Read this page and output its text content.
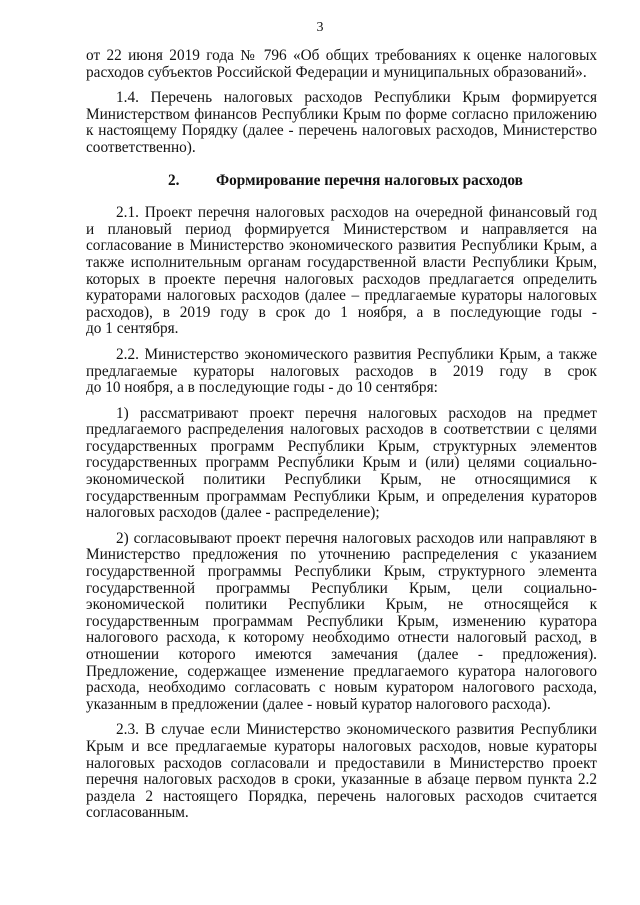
3
от 22 июня 2019 года № 796 «Об общих требованиях к оценке налоговых
расходов субъектов Российской Федерации и муниципальных образований».
1.4. Перечень налоговых расходов Республики Крым формируется
Министерством финансов Республики Крым по форме согласно приложению
к настоящему Порядку (далее - перечень налоговых расходов, Министерство
соответственно).
2. Формирование перечня налоговых расходов
2.1. Проект перечня налоговых расходов на очередной финансовый год
и плановый период формируется Министерством и направляется на
согласование в Министерство экономического развития Республики Крым, а
также исполнительным органам государственной власти Республики Крым,
которых в проекте перечня налоговых расходов предлагается определить
кураторами налоговых расходов (далее – предлагаемые кураторы налоговых
расходов), в 2019 году в срок до 1 ноября, а в последующие годы -
до 1 сентября.
2.2. Министерство экономического развития Республики Крым, а также
предлагаемые кураторы налоговых расходов в 2019 году в срок
до 10 ноября, а в последующие годы - до 10 сентября:
1) рассматривают проект перечня налоговых расходов на предмет
предлагаемого распределения налоговых расходов в соответствии с целями
государственных программ Республики Крым, структурных элементов
государственных программ Республики Крым и (или) целями социально-
экономической политики Республики Крым, не относящимися к
государственным программам Республики Крым, и определения кураторов
налоговых расходов (далее - распределение);
2) согласовывают проект перечня налоговых расходов или направляют в
Министерство предложения по уточнению распределения с указанием
государственной программы Республики Крым, структурного элемента
государственной программы Республики Крым, цели социально-
экономической политики Республики Крым, не относящейся к
государственным программам Республики Крым, изменению куратора
налогового расхода, к которому необходимо отнести налоговый расход, в
отношении которого имеются замечания (далее - предложения).
Предложение, содержащее изменение предлагаемого куратора налогового
расхода, необходимо согласовать с новым куратором налогового расхода,
указанным в предложении (далее - новый куратор налогового расхода).
2.3. В случае если Министерство экономического развития Республики
Крым и все предлагаемые кураторы налоговых расходов, новые кураторы
налоговых расходов согласовали и предоставили в Министерство проект
перечня налоговых расходов в сроки, указанные в абзаце первом пункта 2.2
раздела 2 настоящего Порядка, перечень налоговых расходов считается
согласованным.
